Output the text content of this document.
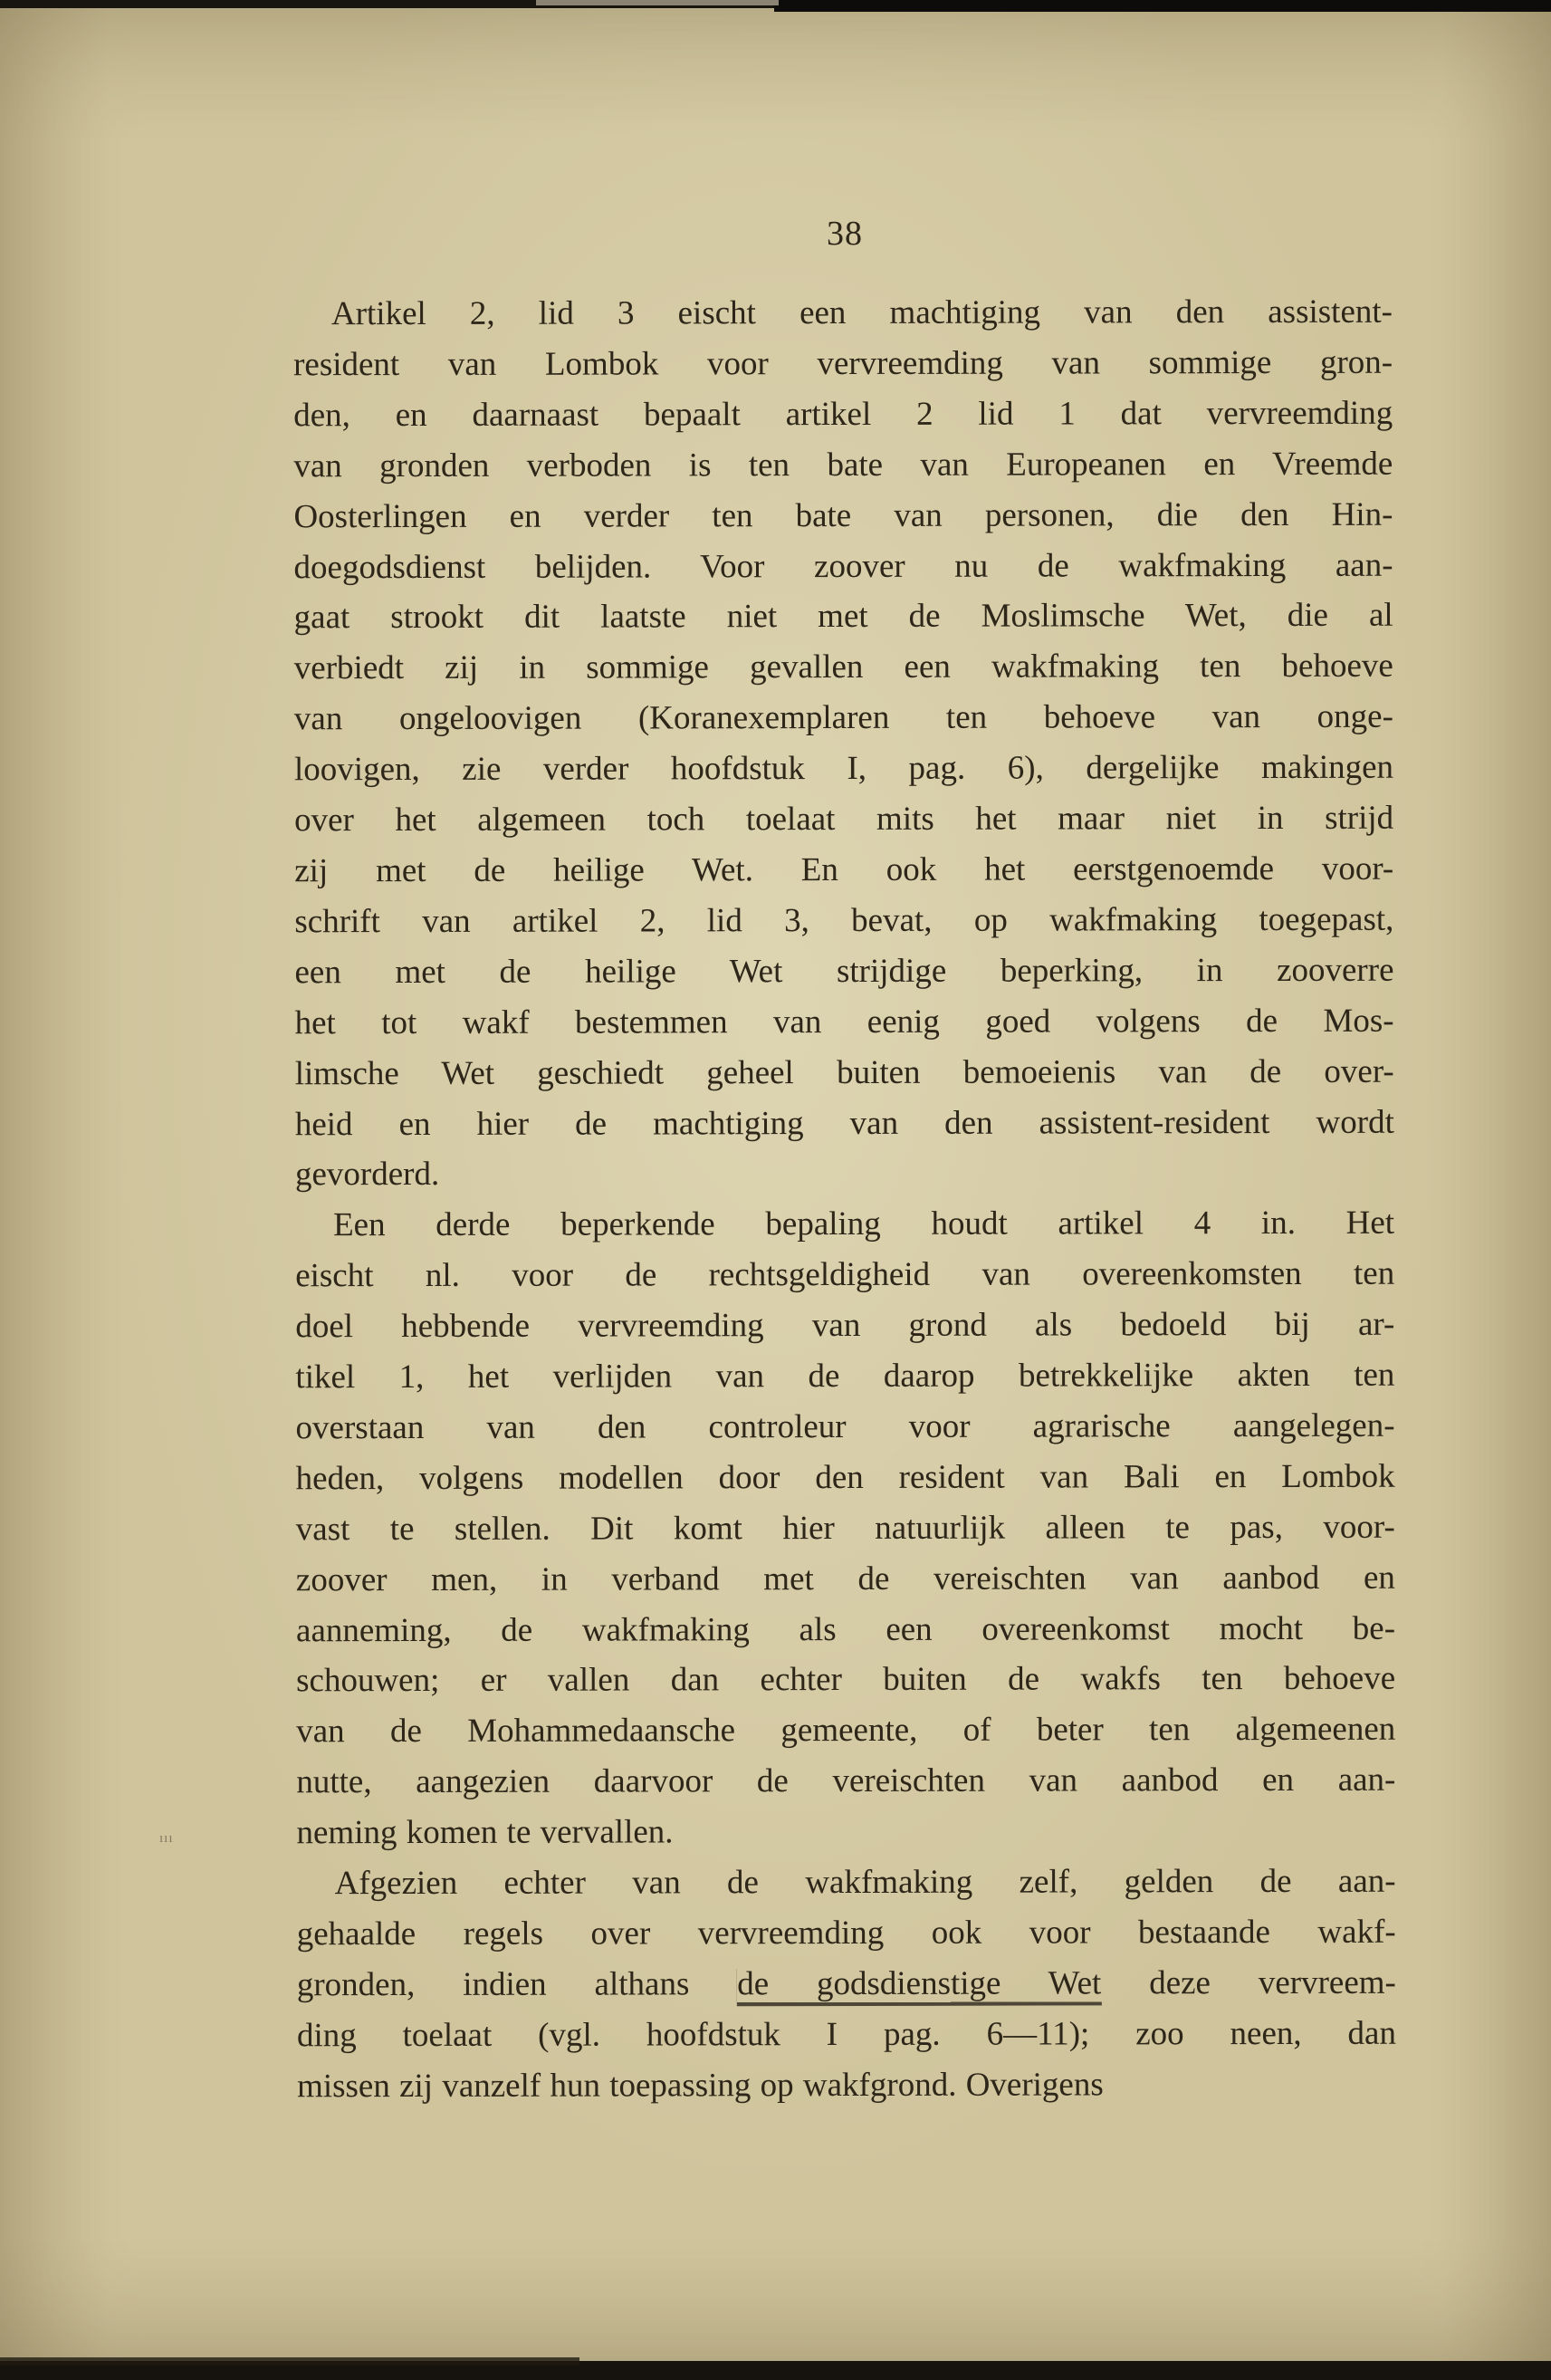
38
ııı
Artikel 2, lid 3 eischt een machtiging van den assistent-
resident van Lombok voor vervreemding van sommige gron-
den, en daarnaast bepaalt artikel 2 lid 1 dat vervreemding
van gronden verboden is ten bate van Europeanen en Vreemde
Oosterlingen en verder ten bate van personen, die den Hin-
doegodsdienst belijden. Voor zoover nu de wakfmaking aan-
gaat strookt dit laatste niet met de Moslimsche Wet, die al
verbiedt zij in sommige gevallen een wakfmaking ten behoeve
van ongeloovigen (Koranexemplaren ten behoeve van onge-
loovigen, zie verder hoofdstuk I, pag. 6), dergelijke makingen
over het algemeen toch toelaat mits het maar niet in strijd
zij met de heilige Wet. En ook het eerstgenoemde voor-
schrift van artikel 2, lid 3, bevat, op wakfmaking toegepast,
een met de heilige Wet strijdige beperking, in zooverre
het tot wakf bestemmen van eenig goed volgens de Mos-
limsche Wet geschiedt geheel buiten bemoeienis van de over-
heid en hier de machtiging van den assistent-resident wordt
gevorderd.
Een derde beperkende bepaling houdt artikel 4 in. Het
eischt nl. voor de rechtsgeldigheid van overeenkomsten ten
doel hebbende vervreemding van grond als bedoeld bij ar-
tikel 1, het verlijden van de daarop betrekkelijke akten ten
overstaan van den controleur voor agrarische aangelegen-
heden, volgens modellen door den resident van Bali en Lombok
vast te stellen. Dit komt hier natuurlijk alleen te pas, voor-
zoover men, in verband met de vereischten van aanbod en
aanneming, de wakfmaking als een overeenkomst mocht be-
schouwen; er vallen dan echter buiten de wakfs ten behoeve
van de Mohammedaansche gemeente, of beter ten algemeenen
nutte, aangezien daarvoor de vereischten van aanbod en aan-
neming komen te vervallen.
Afgezien echter van de wakfmaking zelf, gelden de aan-
gehaalde regels over vervreemding ook voor bestaande wakf-
gronden, indien althans de godsdienstige Wet deze vervreem-
ding toelaat (vgl. hoofdstuk I pag. 6—11); zoo neen, dan
missen zij vanzelf hun toepassing op wakfgrond. Overigens
